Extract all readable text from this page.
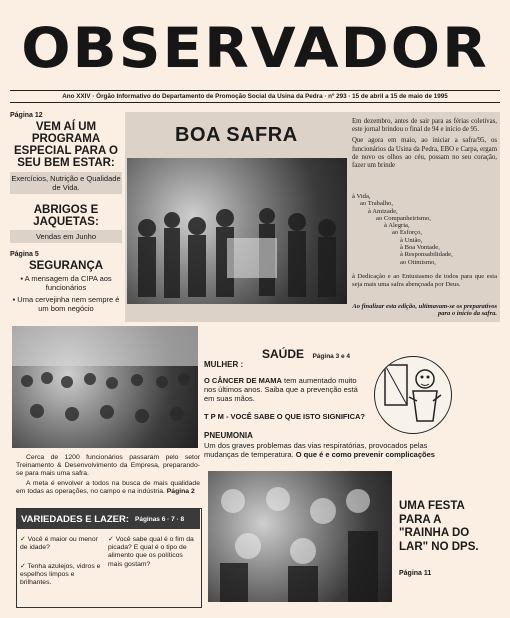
OBSERVADOR
Ano XXIV · Órgão Informativo do Departamento de Promoção Social da Usina da Pedra · nº 293 · 15 de abril a 15 de maio de 1995
Página 12
VEM AÍ UM PROGRAMA ESPECIAL PARA O SEU BEM ESTAR:
Exercícios, Nutrição e Qualidade de Vida.
ABRIGOS E JAQUETAS:
Vendas em Junho
Página 5
SEGURANÇA
▪ A mensagem da CIPA aos funcionários
▪ Uma cervejinha nem sempre é um bom negócio
BOA SAFRA
Em dezembro, antes de sair para as férias coletivas, este jornal brindou o final de 94 e início de 95.
Que agora em maio, ao iniciar a safra/95, os funcionários da Usina da Pedra, EBO e Carpa, ergam de novo os olhos ao céu, possam no seu coração, fazer um brinde
à Vida,
ao Trabalho,
à Amizade,
ao Companheirismo,
à Alegria,
ao Esforço,
à União,
à Boa Vontade,
à Responsabilidade,
ao Otimismo,
à Dedicação e ao Entusiasmo de todos para que esta seja mais uma safra abençoada por Deus.
Ao finalizar esta edição, ultimavam-se os preparativos para o início da safra.
Cerca de 1200 funcionários passaram pelo setor Treinamento & Desenvolvimento da Empresa, preparando-se para mais uma safra.
A meta é envolver a todos na busca de mais qualidade em todas as operações, no campo e na indústria. Página 2
VARIEDADES E LAZER: Páginas 6 · 7 · 8
✓ Você é maior ou menor de idade?
✓ Tenha azulejos, vidros e espelhos limpos e brilhantes.
✓ Você sabe qual é o fim da picada? E qual é o tipo de alimento que os políticos mais gostam?
SAÚDE Página 3 e 4
MULHER :
O CÂNCER DE MAMA tem aumentado muito nos últimos anos. Saiba que a prevenção está em suas mãos.
T P M - VOCÊ SABE O QUE ISTO SIGNIFICA?
PNEUMONIA
Um dos graves problemas das vias respiratórias, provocados pelas mudanças de temperatura. O que é e como prevenir complicações
UMA FESTA PARA A "RAINHA DO LAR" NO DPS.
Página 11
